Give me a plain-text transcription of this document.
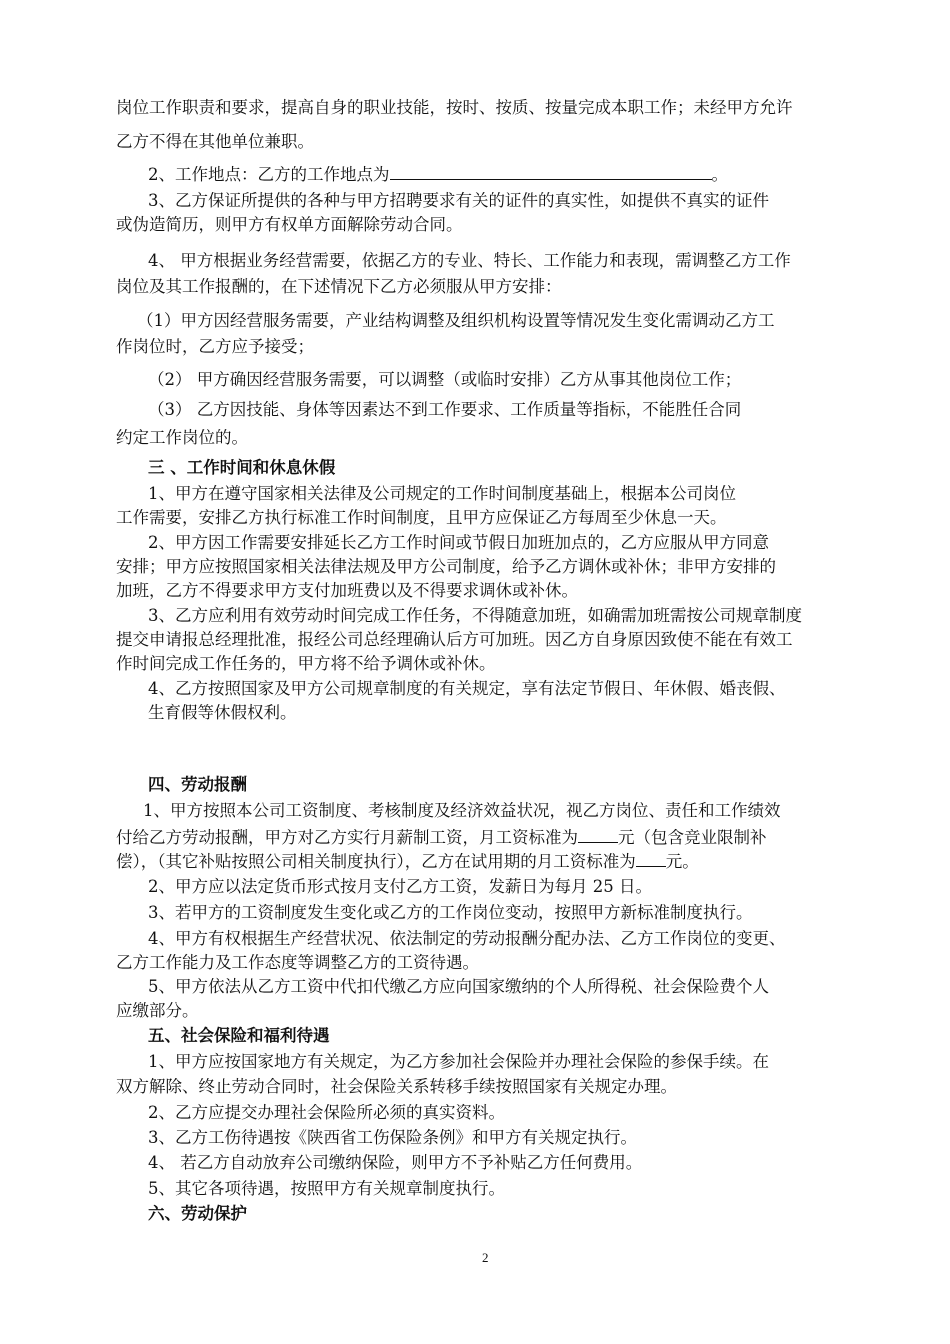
岗位工作职责和要求，提高自身的职业技能，按时、按质、按量完成本职工作；未经甲方允许
乙方不得在其他单位兼职。
2、工作地点：乙方的工作地点为	。
3、乙方保证所提供的各种与甲方招聘要求有关的证件的真实性，如提供不真实的证件
或伪造简历，则甲方有权单方面解除劳动合同。
4、 甲方根据业务经营需要，依据乙方的专业、特长、工作能力和表现，需调整乙方工作
岗位及其工作报酬的，在下述情况下乙方必须服从甲方安排：
（1）甲方因经营服务需要，产业结构调整及组织机构设置等情况发生变化需调动乙方工
作岗位时，乙方应予接受；
（2） 甲方确因经营服务需要，可以调整（或临时安排）乙方从事其他岗位工作；
（3） 乙方因技能、身体等因素达不到工作要求、工作质量等指标，不能胜任合同
约定工作岗位的。
三 、工作时间和休息休假
1、甲方在遵守国家相关法律及公司规定的工作时间制度基础上，根据本公司岗位
工作需要，安排乙方执行标准工作时间制度，且甲方应保证乙方每周至少休息一天。
2、甲方因工作需要安排延长乙方工作时间或节假日加班加点的，乙方应服从甲方同意
安排；甲方应按照国家相关法律法规及甲方公司制度，给予乙方调休或补休；非甲方安排的
加班，乙方不得要求甲方支付加班费以及不得要求调休或补休。
3、乙方应利用有效劳动时间完成工作任务，不得随意加班，如确需加班需按公司规章制度
提交申请报总经理批准，报经公司总经理确认后方可加班。因乙方自身原因致使不能在有效工
作时间完成工作任务的，甲方将不给予调休或补休。
4、乙方按照国家及甲方公司规章制度的有关规定，享有法定节假日、年休假、婚丧假、
生育假等休假权利。
四、劳动报酬
1、甲方按照本公司工资制度、考核制度及经济效益状况，视乙方岗位、责任和工作绩效
付给乙方劳动报酬，甲方对乙方实行月薪制工资，月工资标准为 元（包含竞业限制补
偿），（其它补贴按照公司相关制度执行），乙方在试用期的月工资标准为 元。
2、甲方应以法定货币形式按月支付乙方工资，发薪日为每月 25 日。
3、若甲方的工资制度发生变化或乙方的工作岗位变动，按照甲方新标准制度执行。
4、甲方有权根据生产经营状况、依法制定的劳动报酬分配办法、乙方工作岗位的变更、
乙方工作能力及工作态度等调整乙方的工资待遇。
5、甲方依法从乙方工资中代扣代缴乙方应向国家缴纳的个人所得税、社会保险费个人
应缴部分。
五、社会保险和福利待遇
1、甲方应按国家地方有关规定，为乙方参加社会保险并办理社会保险的参保手续。在
双方解除、终止劳动合同时，社会保险关系转移手续按照国家有关规定办理。
2、乙方应提交办理社会保险所必须的真实资料。
3、乙方工伤待遇按《陕西省工伤保险条例》和甲方有关规定执行。
4、 若乙方自动放弃公司缴纳保险，则甲方不予补贴乙方任何费用。
5、其它各项待遇，按照甲方有关规章制度执行。
六、劳动保护
2
